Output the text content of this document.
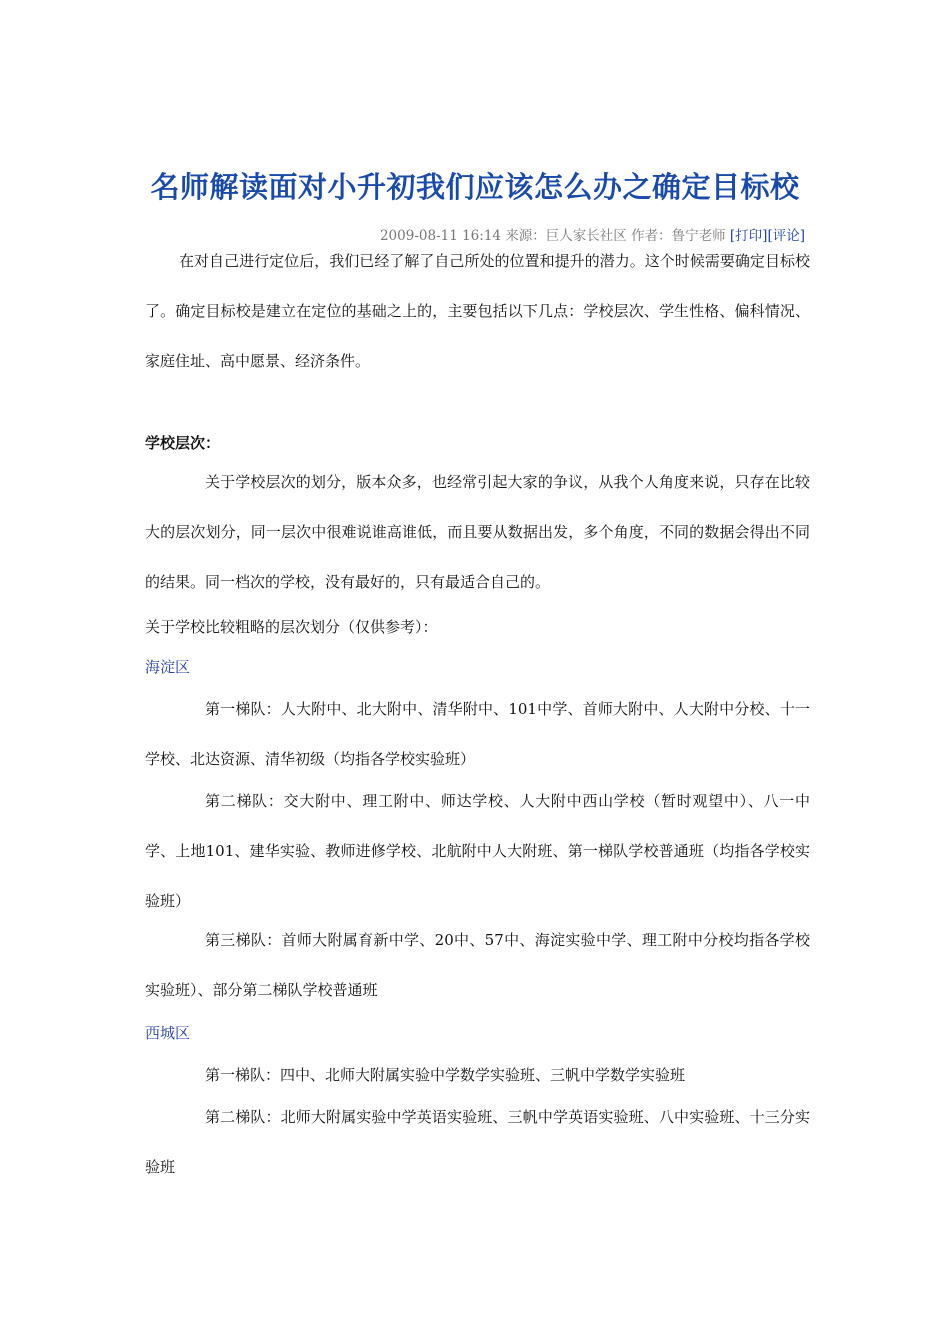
名师解读面对小升初我们应该怎么办之确定目标校
2009-08-11 16:14 来源：巨人家长社区 作者：鲁宁老师 [打印][评论]

在对自己进行定位后，我们已经了解了自己所处的位置和提升的潜力。这个时候需要确定目标校了。确定目标校是建立在定位的基础之上的，主要包括以下几点：学校层次、学生性格、偏科情况、家庭住址、高中愿景、经济条件。

学校层次：

关于学校层次的划分，版本众多，也经常引起大家的争议，从我个人角度来说，只存在比较大的层次划分，同一层次中很难说谁高谁低，而且要从数据出发，多个角度，不同的数据会得出不同的结果。同一档次的学校，没有最好的，只有最适合自己的。

关于学校比较粗略的层次划分（仅供参考）：

海淀区

第一梯队：人大附中、北大附中、清华附中、101中学、首师大附中、人大附中分校、十一学校、北达资源、清华初级（均指各学校实验班）

第二梯队：交大附中、理工附中、师达学校、人大附中西山学校（暂时观望中）、八一中学、上地101、建华实验、教师进修学校、北航附中人大附班、第一梯队学校普通班（均指各学校实验班）

第三梯队：首师大附属育新中学、20中、57中、海淀实验中学、理工附中分校均指各学校实验班）、部分第二梯队学校普通班

西城区

第一梯队：四中、北师大附属实验中学数学实验班、三帆中学数学实验班

第二梯队：北师大附属实验中学英语实验班、三帆中学英语实验班、八中实验班、十三分实验班
